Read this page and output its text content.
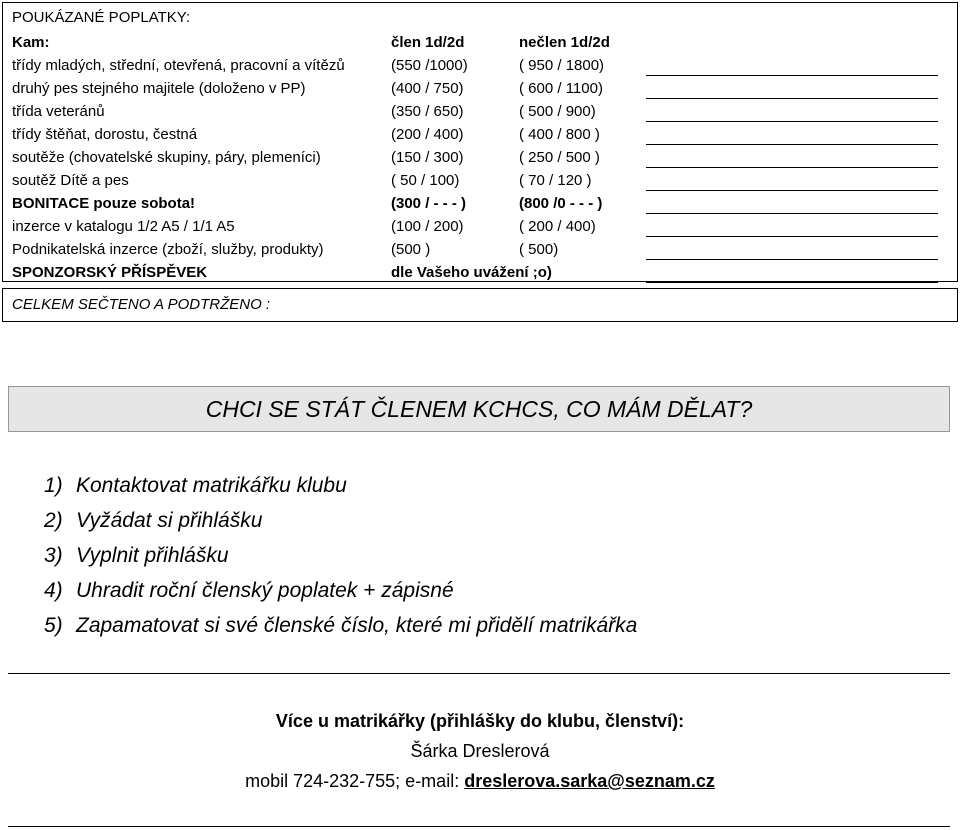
POUKÁZANÉ POPLATKY:
Kam:	člen 1d/2d	nečlen 1d/2d
třídy mladých, střední, otevřená, pracovní a vítězů	(550 /1000)	( 950 / 1800)
druhý pes stejného majitele (doloženo v PP)	(400 / 750)	( 600 / 1100)
třída veteránů	(350 / 650)	( 500 / 900)
třídy štěňat, dorostu, čestná	(200 / 400)	( 400 / 800 )
soutěže (chovatelské skupiny, páry, plemeníci)	(150 / 300)	( 250 / 500 )
soutěž Dítě a pes	( 50 / 100)	( 70 / 120 )
BONITACE pouze sobota!	(300 / - - - )	(800 /0 - - - )
inzerce v katalogu 1/2 A5 / 1/1 A5	(100 / 200)	( 200 / 400)
Podnikatelská inzerce (zboží, služby, produkty)	(500 )	( 500)
SPONZORSKÝ PŘÍSPĚVEK	dle Vašeho uvážení ;o)
CELKEM SEČTENO A PODTRŽENO :
CHCI SE STÁT ČLENEM KCHCS, CO MÁM DĚLAT?
1) Kontaktovat matrikářku klubu
2) Vyžádat si přihlášku
3) Vyplnit přihlášku
4) Uhradit roční členský poplatek + zápisné
5) Zapamatovat si své členské číslo, které mi přidělí matrikářka
Více u matrikářky (přihlášky do klubu, členství):
Šárka Dreslerová
mobil 724-232-755; e-mail: dreslerova.sarka@seznam.cz
